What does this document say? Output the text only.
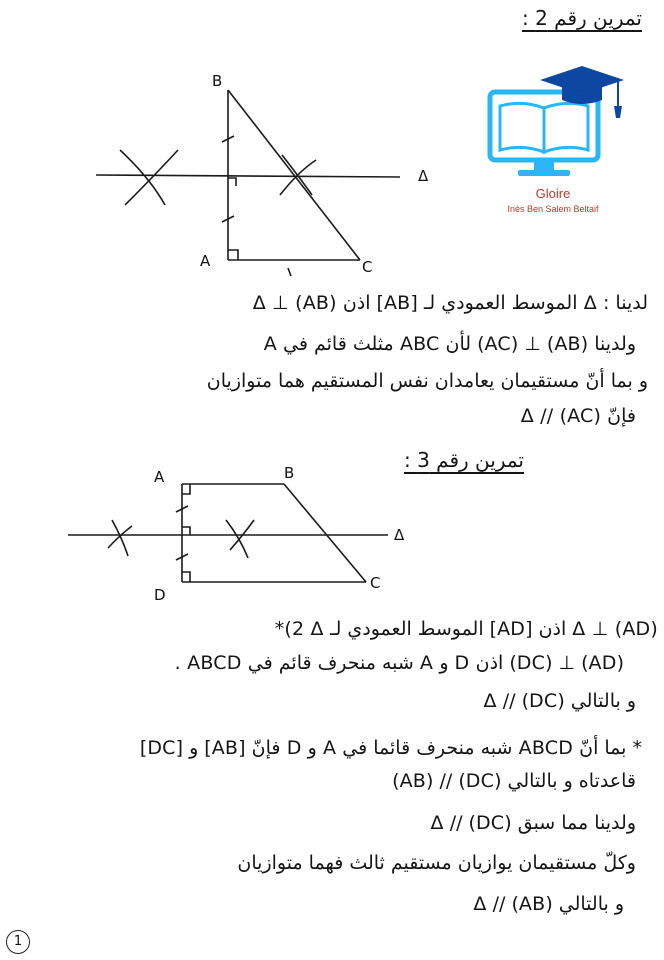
تمرين رقم 2 :
Gloire
Inès Ben Salem Beltaif
B
A	C
Δ
لدينا : Δ الموسط العمودي لـ [AB] اذن Δ ⊥ (AB)
ولدينا (AB) ⊥ (AC) لأن ABC مثلث قائم في A
و بما أنّ مستقيمان يعامدان نفس المستقيم هما متوازيان
فإنّ Δ // (AC)
تمرين رقم 3 :
A	B
C
D
Δ
*(2 Δ الموسط العمودي لـ [AD] اذن Δ ⊥ (AD)
. ABCD شبه منحرف قائم في A و D اذن (DC) ⊥ (AD)
و بالتالي (DC) // Δ
* بما أنّ ABCD شبه منحرف قائما في A و D فإنّ [AB] و [DC]
قاعدتاه و بالتالي (DC) // (AB)
ولدينا مما سبق (DC) // Δ
وكلّ مستقيمان يوازيان مستقيم ثالث فهما متوازيان
و بالتالي (AB) // Δ
1
